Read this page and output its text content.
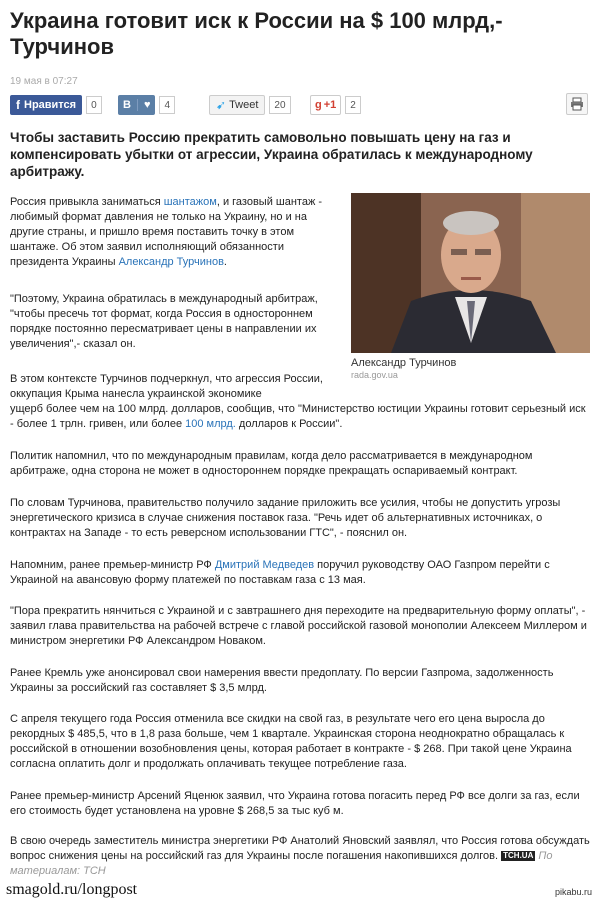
Украина готовит иск к России на $ 100 млрд,- Турчинов
19 мая в 07:27
f Нравится	0	B	♥	4	➹ Tweet	20	g +1	2

Чтобы заставить Россию прекратить самовольно повышать цену на газ и компенсировать убытки от агрессии, Украина обратилась к международному арбитражу.

Александр Турчинов
rada.gov.ua

Россия привыкла заниматься шантажом, и газовый шантаж - любимый формат давления не только на Украину, но и на другие страны, и пришло время поставить точку в этом шантаже. Об этом заявил исполняющий обязанности президента Украины Александр Турчинов.

"Поэтому, Украина обратилась в международный арбитраж, "чтобы пресечь тот формат, когда Россия в одностороннем порядке постоянно пересматривает цены в направлении их увеличения",- сказал он.

В этом контексте Турчинов подчеркнул, что агрессия России, оккупация Крыма нанесла украинской экономике
ущерб более чем на 100 млрд. долларов, сообщив, что "Министерство юстиции Украины готовит серьезный иск - более 1 трлн. гривен, или более 100 млрд. долларов к России".

Политик напомнил, что по международным правилам, когда дело рассматривается в международном арбитраже, одна сторона не может в одностороннем порядке прекращать оспариваемый контракт.

По словам Турчинова, правительство получило задание приложить все усилия, чтобы не допустить угрозы энергетического кризиса в случае снижения поставок газа. "Речь идет об альтернативных источниках, о контрактах на Западе - то есть реверсном использовании ГТС", - пояснил он.

Напомним, ранее премьер-министр РФ Дмитрий Медведев поручил руководству ОАО Газпром перейти с Украиной на авансовую форму платежей по поставкам газа с 13 мая.

"Пора прекратить нянчиться с Украиной и с завтрашнего дня переходите на предварительную форму оплаты", - заявил глава правительства на рабочей встрече с главой российской газовой монополии Алексеем Миллером и министром энергетики РФ Александром Новаком.

Ранее Кремль уже анонсировал свои намерения ввести предоплату. По версии Газпрома, задолженность Украины за российский газ составляет $ 3,5 млрд.

С апреля текущего года Россия отменила все скидки на свой газ, в результате чего его цена выросла до рекордных $ 485,5, что в 1,8 раза больше, чем 1 квартале. Украинская сторона неоднократно обращалась к российской в отношении возобновления цены, которая работает в контракте - $ 268. При такой цене Украина согласна оплатить долг и продолжать оплачивать текущее потребление газа.

Ранее премьер-министр Арсений Яценюк заявил, что Украина готова погасить перед РФ все долги за газ, если его стоимость будет установлена на уровне $ 268,5 за тыс куб м.

В свою очередь заместитель министра энергетики РФ Анатолий Яновский заявлял, что Россия готова обсуждать вопрос снижения цены на российский газ для Украины после погашения накопившихся долгов. ТСН.UA По материалам: ТСН

smagold.ru/longpost	pikabu.ru
